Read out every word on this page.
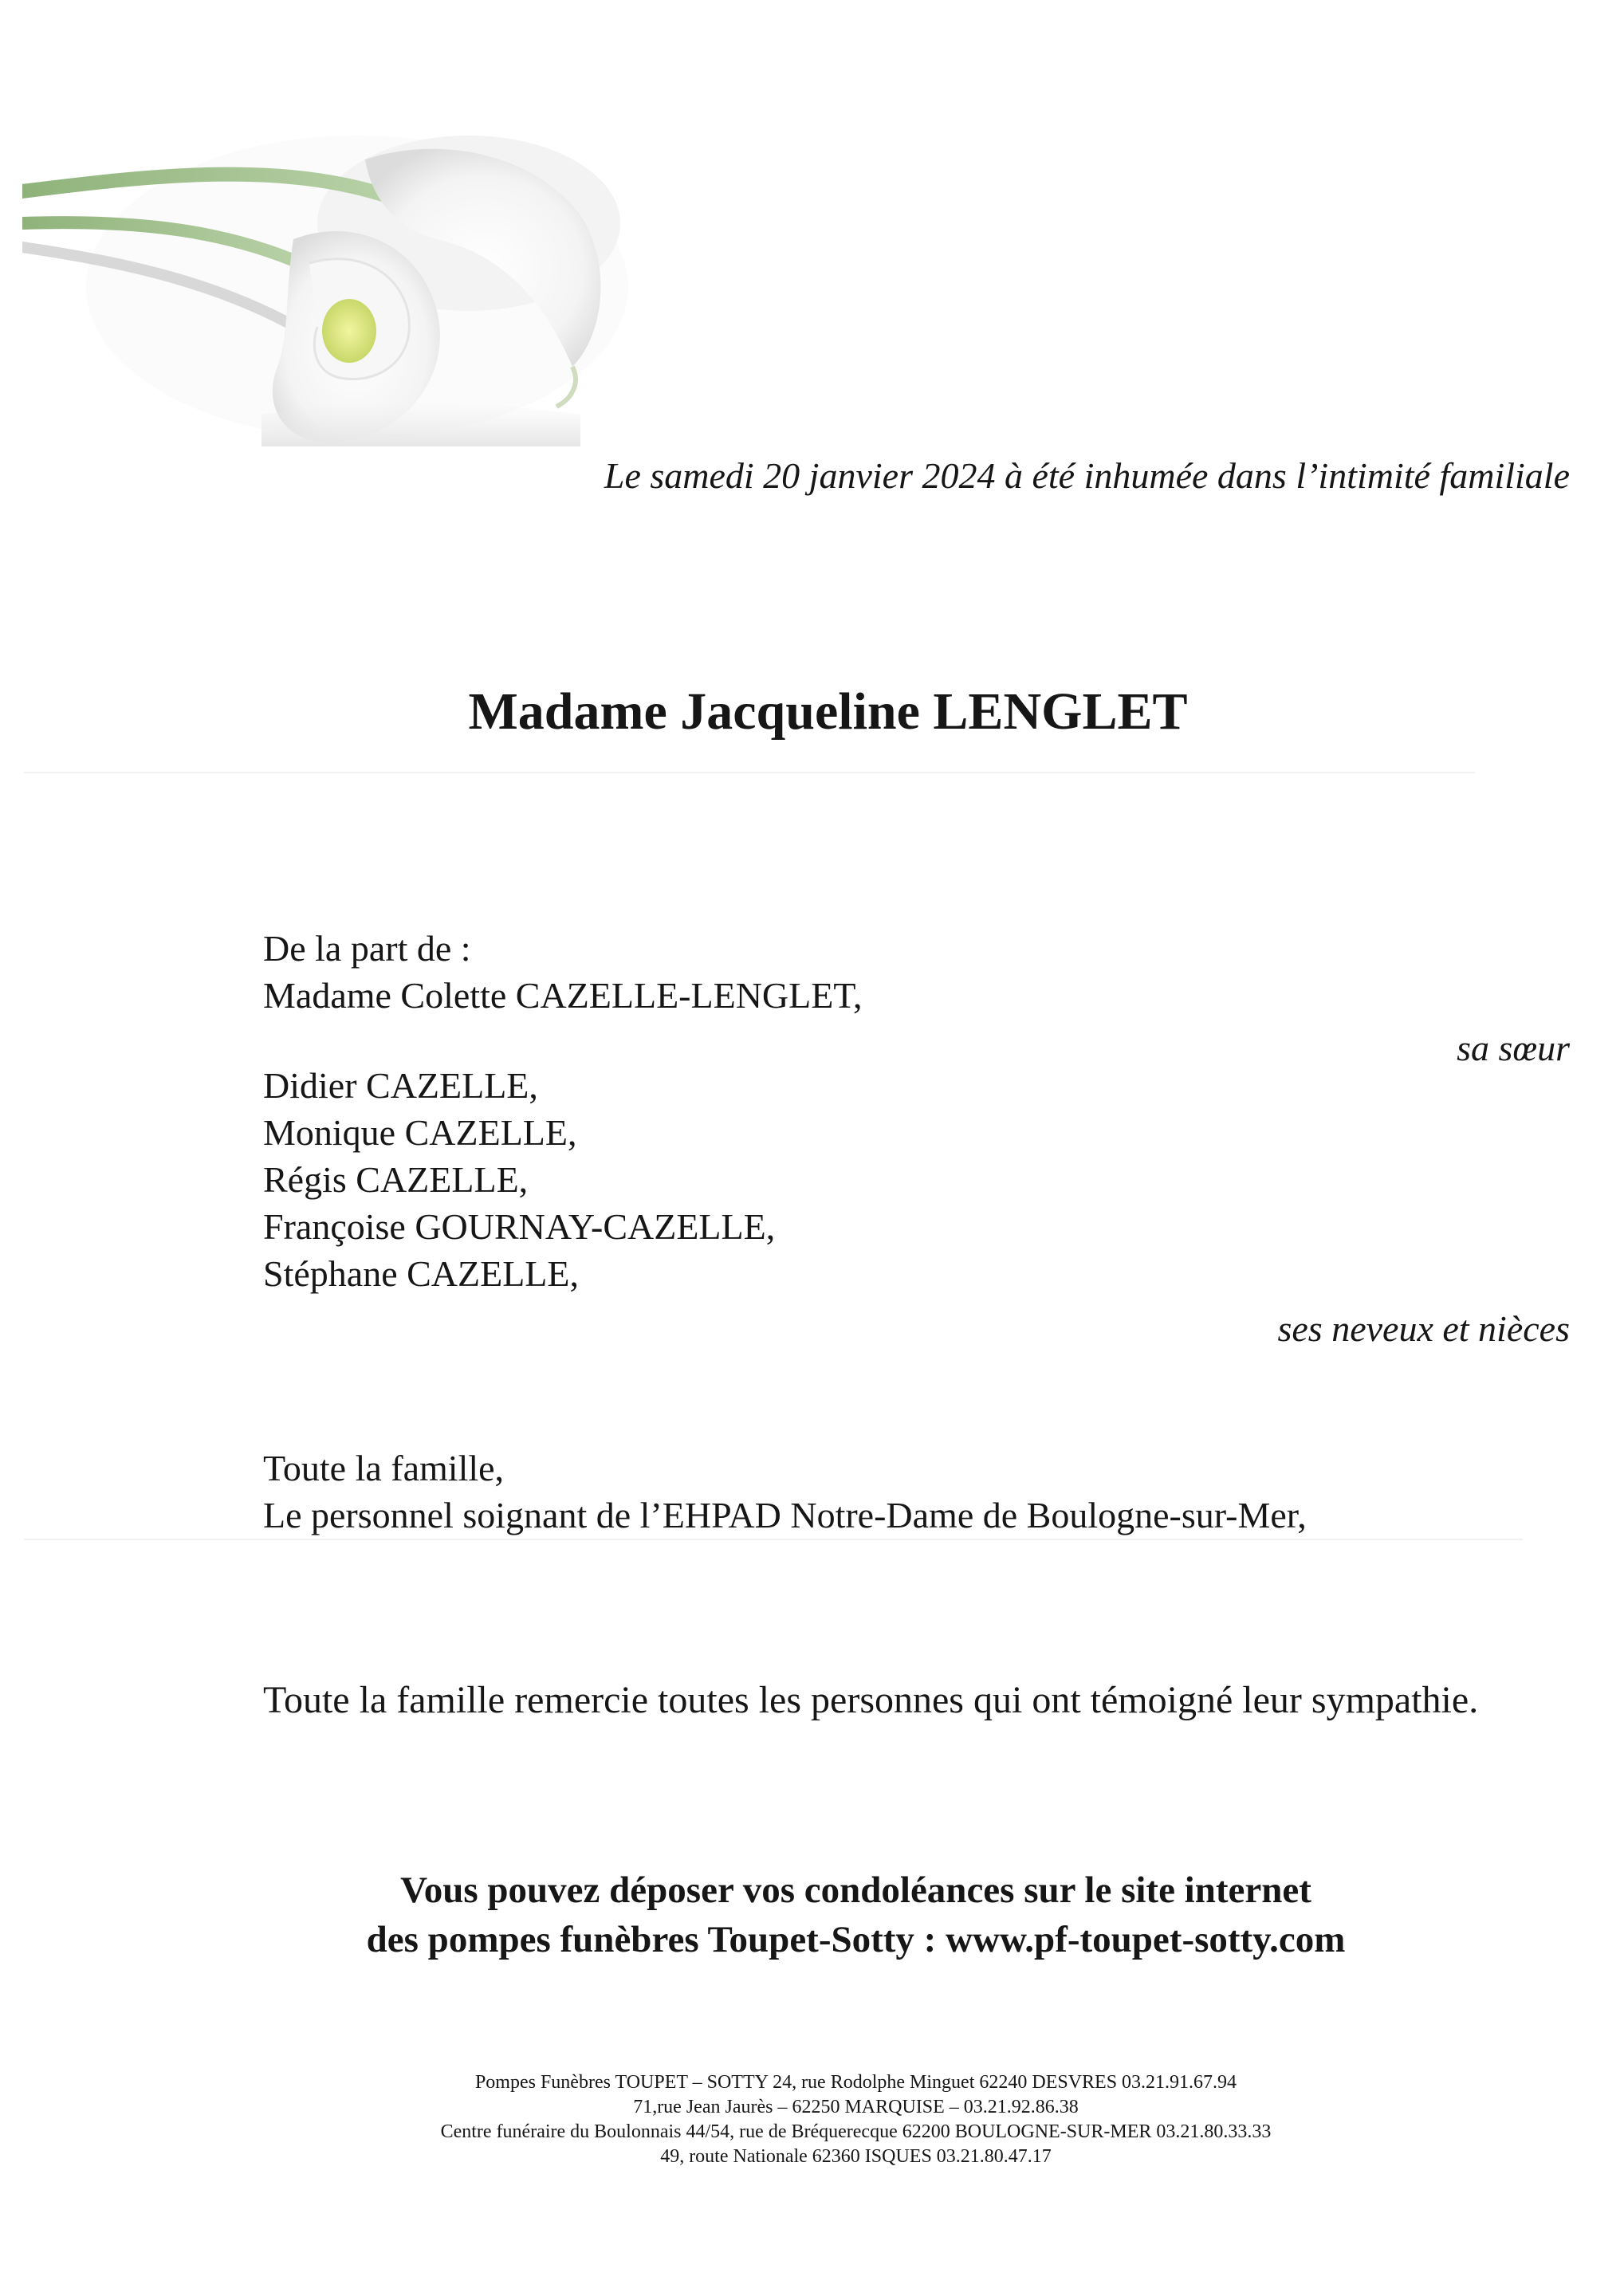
Le samedi 20 janvier 2024 à été inhumée dans l’intimité familiale
Madame Jacqueline LENGLET
De la part de :
Madame Colette CAZELLE-LENGLET,
sa sœur
Didier CAZELLE,
Monique CAZELLE,
Régis CAZELLE,
Françoise GOURNAY-CAZELLE,
Stéphane CAZELLE,
ses neveux et nièces
Toute la famille,
Le personnel soignant de l’EHPAD Notre-Dame de Boulogne-sur-Mer,
Toute la famille remercie toutes les personnes qui ont témoigné leur sympathie.
Vous pouvez déposer vos condoléances sur le site internet
des pompes funèbres Toupet-Sotty : www.pf-toupet-sotty.com
Pompes Funèbres TOUPET – SOTTY 24, rue Rodolphe Minguet 62240 DESVRES 03.21.91.67.94
71,rue Jean Jaurès – 62250 MARQUISE – 03.21.92.86.38
Centre funéraire du Boulonnais 44/54, rue de Bréquerecque 62200 BOULOGNE-SUR-MER 03.21.80.33.33
49, route Nationale 62360 ISQUES 03.21.80.47.17
